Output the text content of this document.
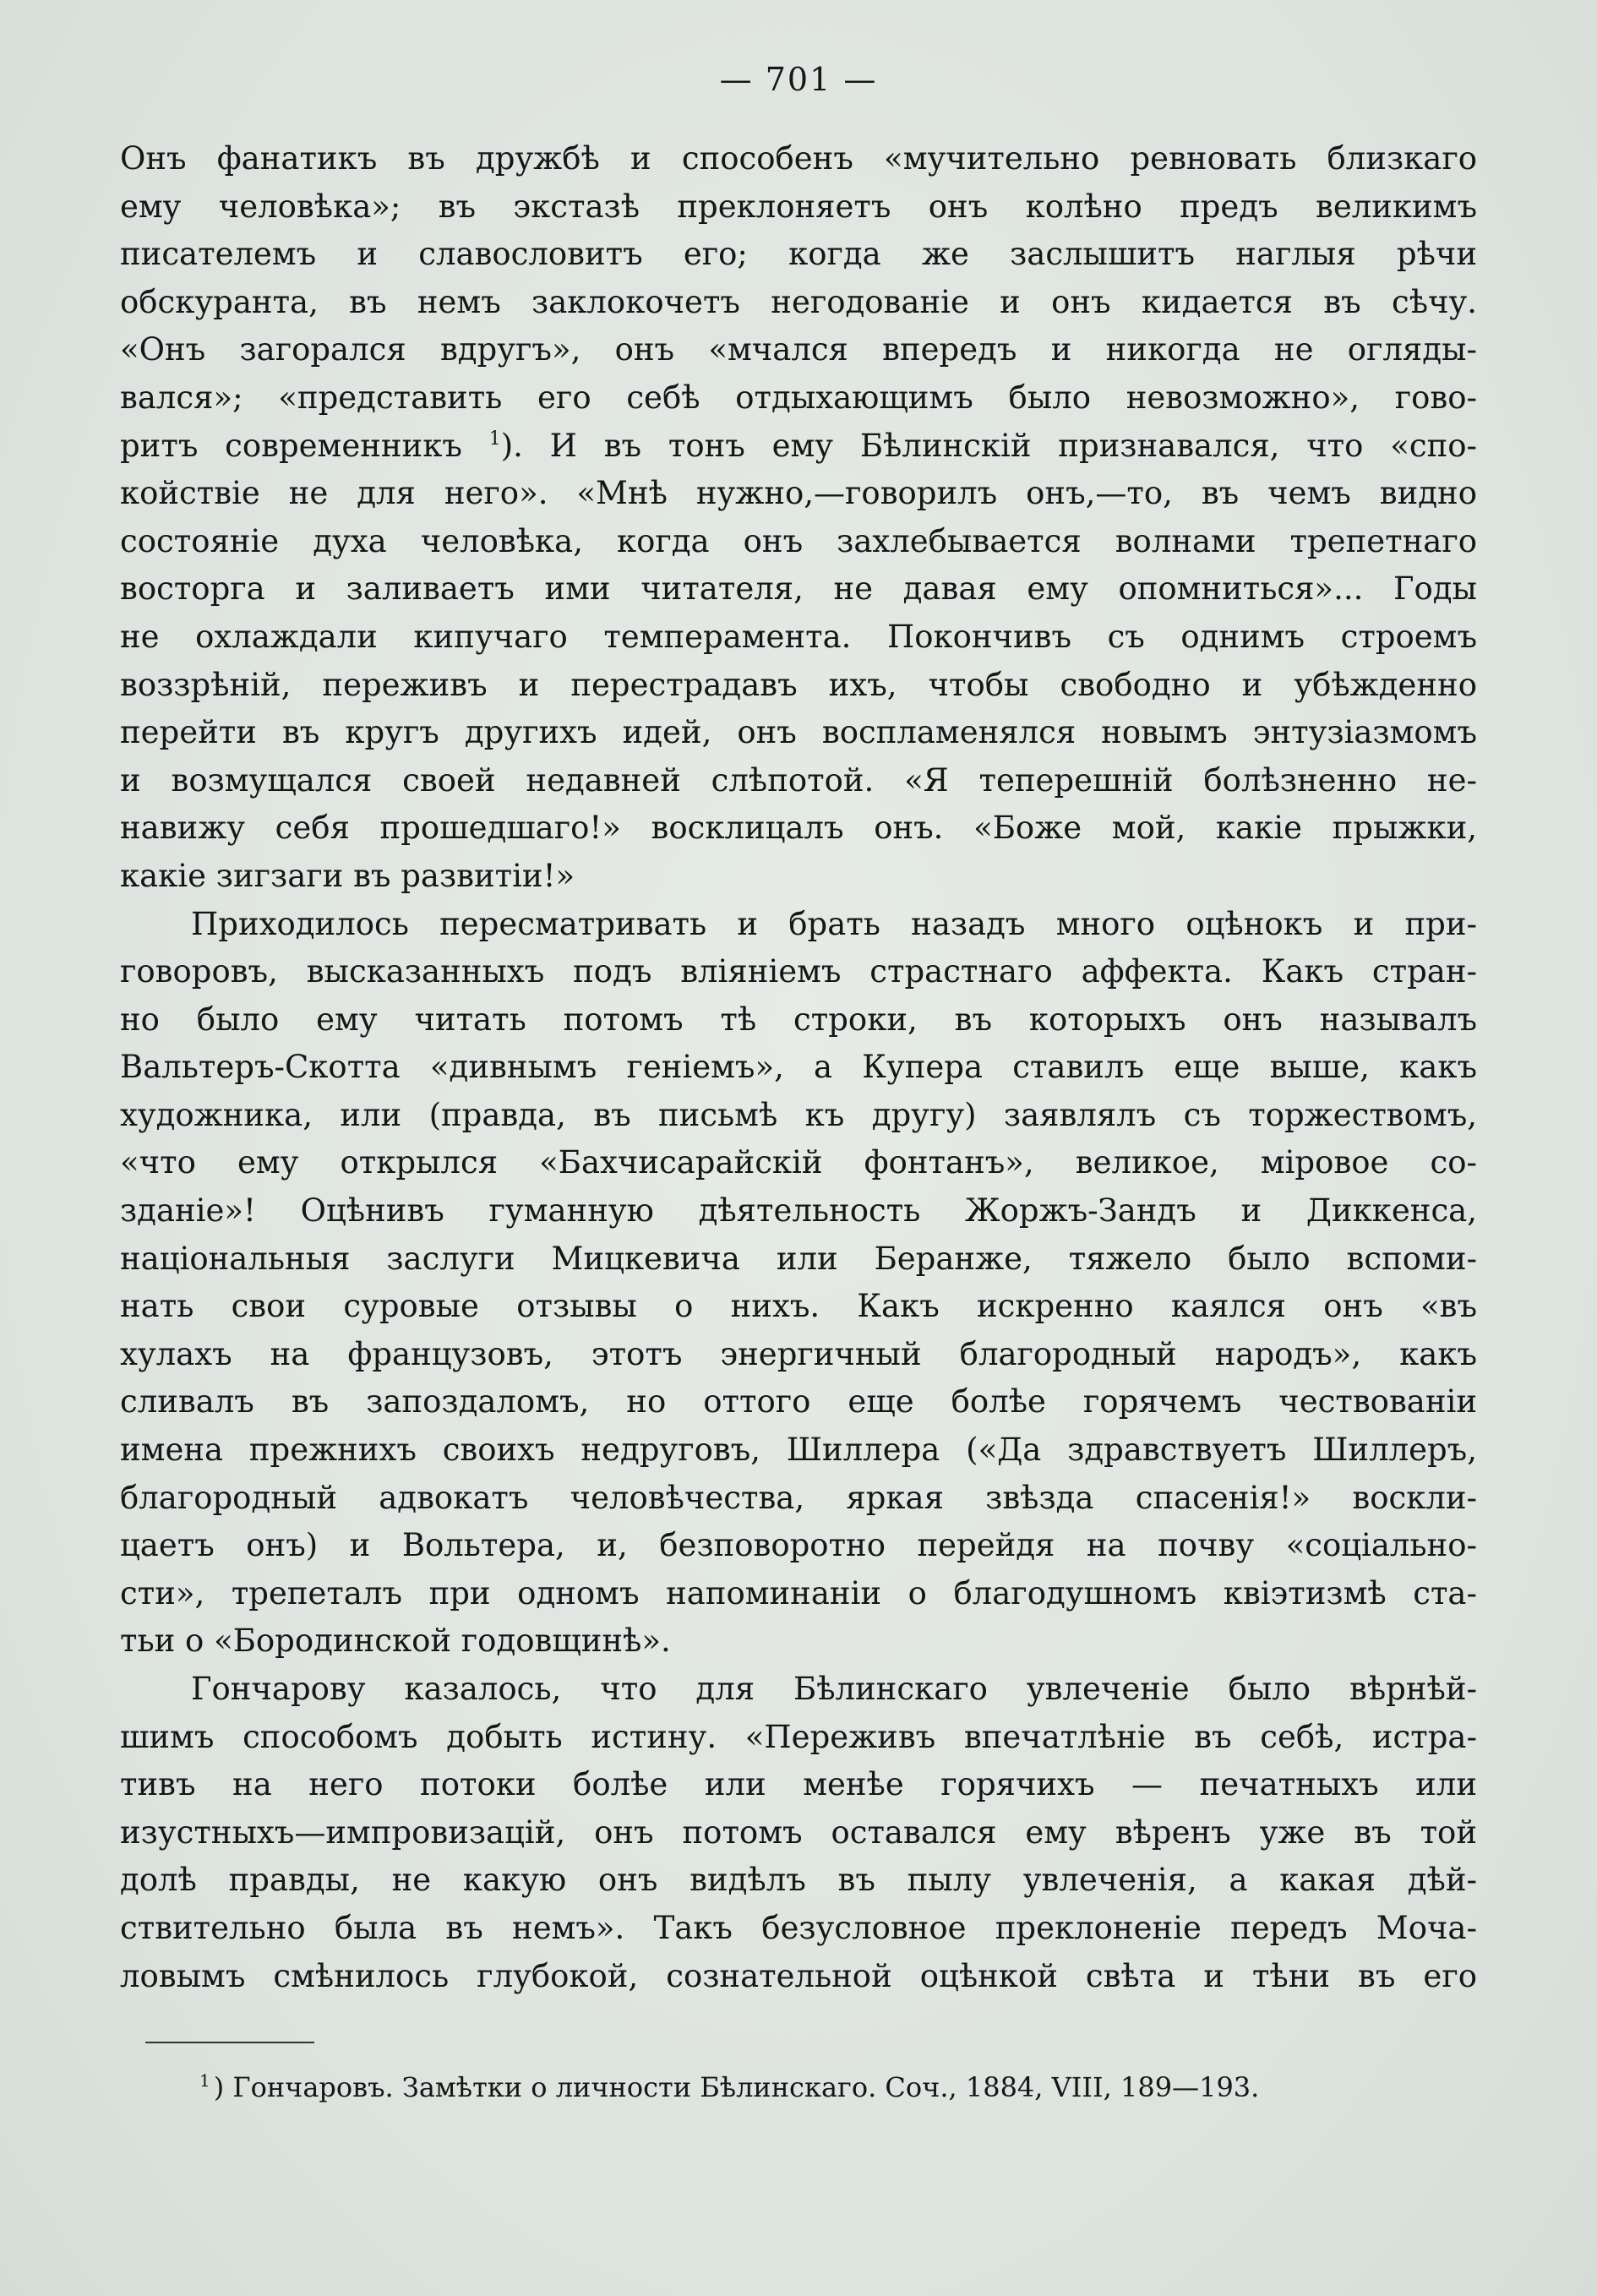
— 701 —
Онъ фанатикъ въ дружбѣ и способенъ «мучительно ревновать близкаго
ему человѣка»; въ экстазѣ преклоняетъ онъ колѣно предъ великимъ
писателемъ и славословитъ его; когда же заслышитъ наглыя рѣчи
обскуранта, въ немъ заклокочетъ негодованіе и онъ кидается въ сѣчу.
«Онъ загорался вдругъ», онъ «мчался впередъ и никогда не огляды-
вался»; «представить его себѣ отдыхающимъ было невозможно», гово-
ритъ современникъ $^1$). И въ тонъ ему Бѣлинскій признавался, что «спо-
койствіе не для него». «Мнѣ нужно,—говорилъ онъ,—то, въ чемъ видно
состояніе духа человѣка, когда онъ захлебывается волнами трепетнаго
восторга и заливаетъ ими читателя, не давая ему опомниться»... Годы
не охлаждали кипучаго темперамента. Покончивъ съ однимъ строемъ
воззрѣній, переживъ и перестрадавъ ихъ, чтобы свободно и убѣжденно
перейти въ кругъ другихъ идей, онъ воспламенялся новымъ энтузіазмомъ
и возмущался своей недавней слѣпотой. «Я теперешній болѣзненно не-
навижу себя прошедшаго!» восклицалъ онъ. «Боже мой, какіе прыжки,
какіе зигзаги въ развитіи!»
Приходилось пересматривать и брать назадъ много оцѣнокъ и при-
говоровъ, высказанныхъ подъ вліяніемъ страстнаго аффекта. Какъ стран-
но было ему читать потомъ тѣ строки, въ которыхъ онъ называлъ
Вальтеръ-Скотта «дивнымъ геніемъ», а Купера ставилъ еще выше, какъ
художника, или (правда, въ письмѣ къ другу) заявлялъ съ торжествомъ,
«что ему открылся «Бахчисарайскій фонтанъ», великое, міровое со-
зданіе»! Оцѣнивъ гуманную дѣятельность Жоржъ-Зандъ и Диккенса,
національныя заслуги Мицкевича или Беранже, тяжело было вспоми-
нать свои суровые отзывы о нихъ. Какъ искренно каялся онъ «въ
хулахъ на французовъ, этотъ энергичный благородный народъ», какъ
сливалъ въ запоздаломъ, но оттого еще болѣе горячемъ чествованіи
имена прежнихъ своихъ недруговъ, Шиллера («Да здравствуетъ Шиллеръ,
благородный адвокатъ человѣчества, яркая звѣзда спасенія!» воскли-
цаетъ онъ) и Вольтера, и, безповоротно перейдя на почву «соціально-
сти», трепеталъ при одномъ напоминаніи о благодушномъ квіэтизмѣ ста-
тьи о «Бородинской годовщинѣ».
Гончарову казалось, что для Бѣлинскаго увлеченіе было вѣрнѣй-
шимъ способомъ добыть истину. «Переживъ впечатлѣніе въ себѣ, истра-
тивъ на него потоки болѣе или менѣе горячихъ — печатныхъ или
изустныхъ—импровизацій, онъ потомъ оставался ему вѣренъ уже въ той
долѣ правды, не какую онъ видѣлъ въ пылу увлеченія, а какая дѣй-
ствительно была въ немъ». Такъ безусловное преклоненіе передъ Моча-
ловымъ смѣнилось глубокой, сознательной оцѣнкой свѣта и тѣни въ его
$^1$ ) Гончаровъ. Замѣтки о личности Бѣлинскаго. Соч., 1884, VIII, 189—193.
